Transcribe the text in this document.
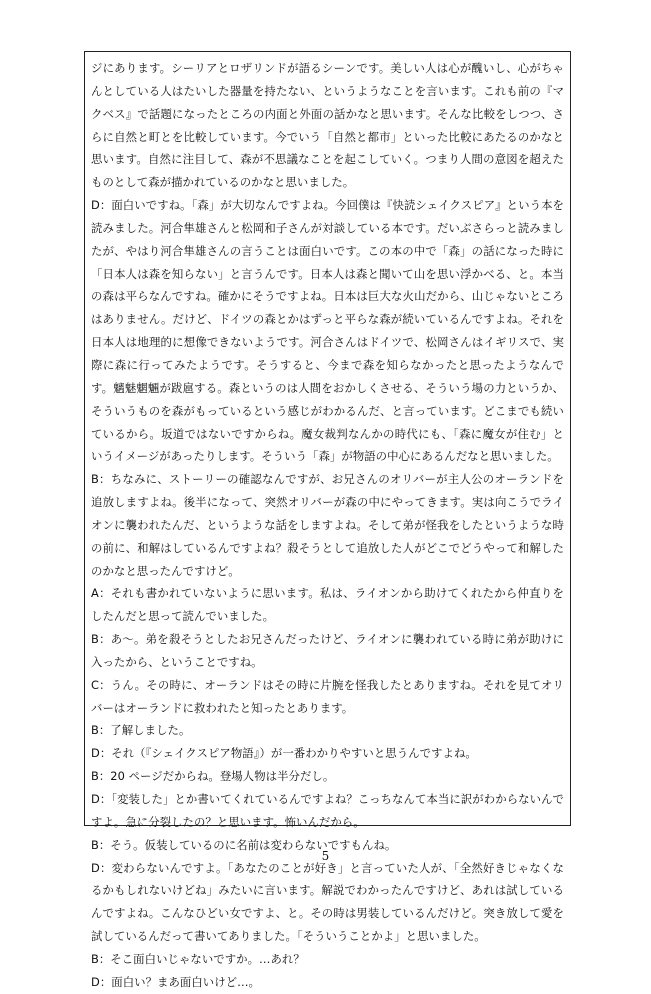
ジにあります。シーリアとロザリンドが語るシーンです。美しい人は心が醜いし、心がちゃんとしている人はたいした器量を持たない、というようなことを言います。これも前の『マクベス』で話題になったところの内面と外面の話かなと思います。そんな比較をしつつ、さらに自然と町とを比較しています。今でいう「自然と都市」といった比較にあたるのかなと思います。自然に注目して、森が不思議なことを起こしていく。つまり人間の意図を超えたものとして森が描かれているのかなと思いました。

D：面白いですね。「森」が大切なんですよね。今回僕は『快読シェイクスピア』という本を読みました。河合隼雄さんと松岡和子さんが対談している本です。だいぶさらっと読みましたが、やはり河合隼雄さんの言うことは面白いです。この本の中で「森」の話になった時に「日本人は森を知らない」と言うんです。日本人は森と聞いて山を思い浮かべる、と。本当の森は平らなんですね。確かにそうですよね。日本は巨大な火山だから、山じゃないところはありません。だけど、ドイツの森とかはずっと平らな森が続いているんですよね。それを日本人は地理的に想像できないようです。河合さんはドイツで、松岡さんはイギリスで、実際に森に行ってみたようです。そうすると、今まで森を知らなかったと思ったようなんです。魑魅魍魎が跋扈する。森というのは人間をおかしくさせる、そういう場の力というか、そういうものを森がもっているという感じがわかるんだ、と言っています。どこまでも続いているから。坂道ではないですからね。魔女裁判なんかの時代にも、「森に魔女が住む」というイメージがあったりします。そういう「森」が物語の中心にあるんだなと思いました。

B：ちなみに、ストーリーの確認なんですが、お兄さんのオリバーが主人公のオーランドを追放しますよね。後半になって、突然オリバーが森の中にやってきます。実は向こうでライオンに襲われたんだ、というような話をしますよね。そして弟が怪我をしたというような時の前に、和解はしているんですよね？殺そうとして追放した人がどこでどうやって和解したのかなと思ったんですけど。

A：それも書かれていないように思います。私は、ライオンから助けてくれたから仲直りをしたんだと思って読んでいました。

B：あ〜。弟を殺そうとしたお兄さんだったけど、ライオンに襲われている時に弟が助けに入ったから、ということですね。

C：うん。その時に、オーランドはその時に片腕を怪我したとありますね。それを見てオリバーはオーランドに救われたと知ったとあります。

B：了解しました。

D：それ（『シェイクスピア物語』）が一番わかりやすいと思うんですよね。

B：20 ページだからね。登場人物は半分だし。

D：「変装した」とか書いてくれているんですよね？こっちなんて本当に訳がわからないんですよ。急に分裂したの？と思います。怖いんだから。

B：そう。仮装しているのに名前は変わらないですもんね。

D：変わらないんですよ。「あなたのことが好き」と言っていた人が、「全然好きじゃなくなるかもしれないけどね」みたいに言います。解説でわかったんですけど、あれは試しているんですよね。こんなひどい女ですよ、と。その時は男装しているんだけど。突き放して愛を試しているんだって書いてありました。「そういうことかよ」と思いました。

B：そこ面白いじゃないですか。…あれ？

D：面白い？まあ面白いけど…。

5
